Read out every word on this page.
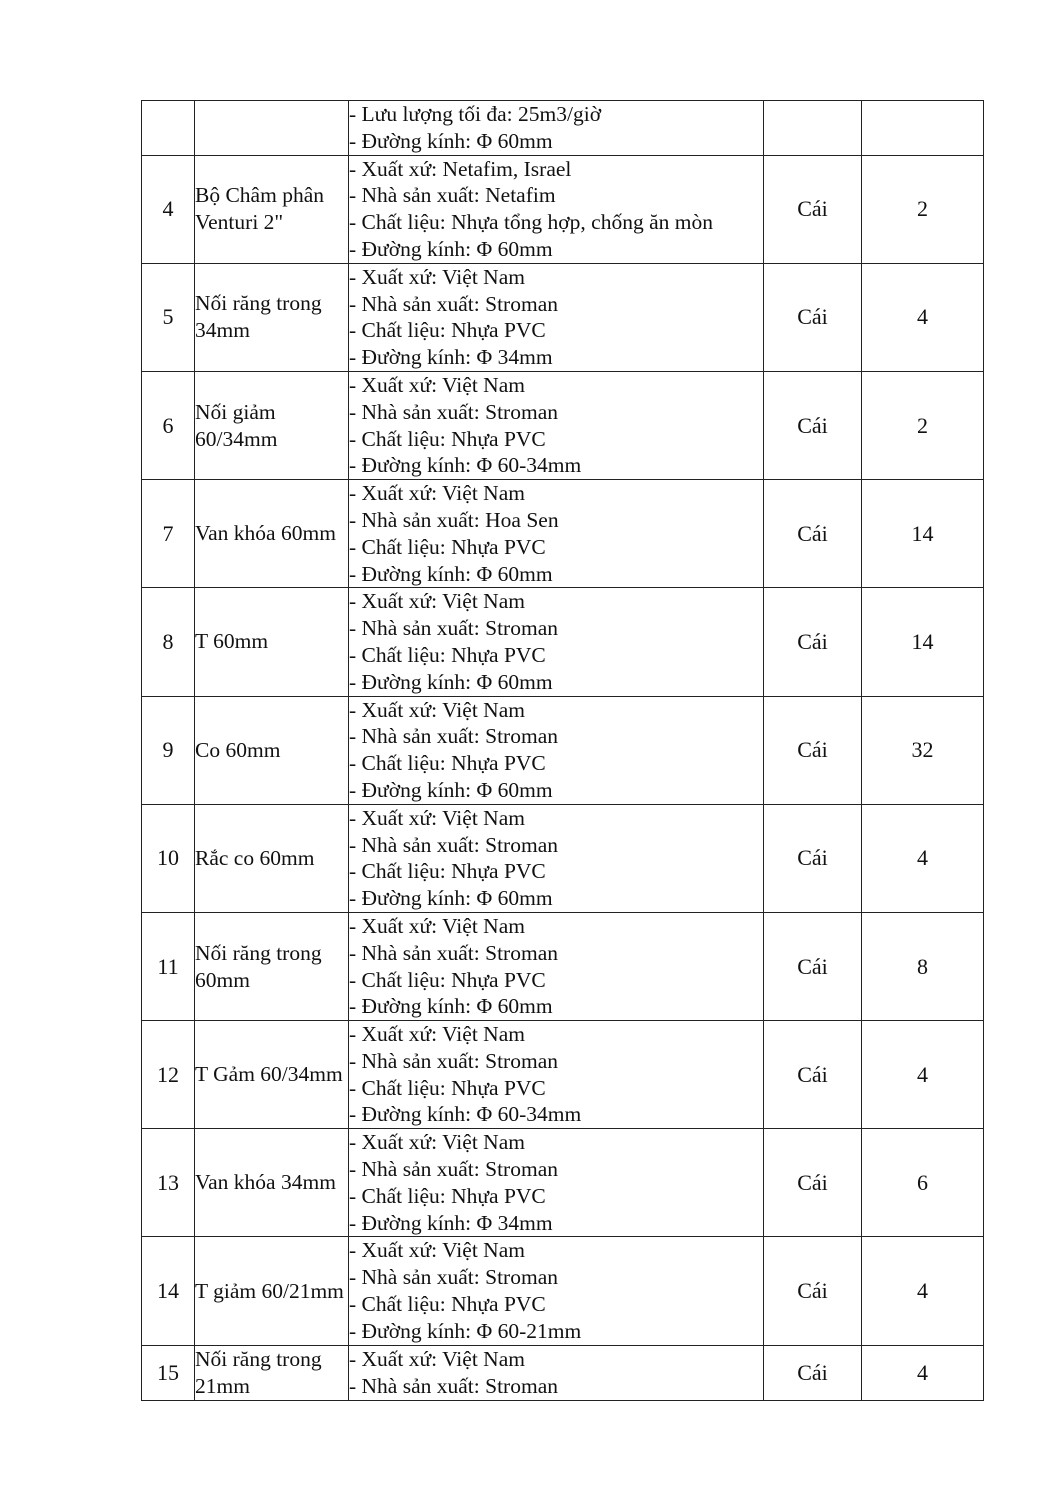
		- Lưu lượng tối đa: 25m3/giờ
- Đường kính: Φ 60mm		

4	Bộ Châm phân Venturi 2"	- Xuất xứ: Netafim, Israel
- Nhà sản xuất: Netafim
- Chất liệu: Nhựa tổng hợp, chống ăn mòn
- Đường kính: Φ 60mm	Cái	2
5	Nối răng trong 34mm	- Xuất xứ: Việt Nam
- Nhà sản xuất: Stroman
- Chất liệu: Nhựa PVC
- Đường kính: Φ 34mm	Cái	4
6	Nối giảm 60/34mm	- Xuất xứ: Việt Nam
- Nhà sản xuất: Stroman
- Chất liệu: Nhựa PVC
- Đường kính: Φ 60-34mm	Cái	2
7	Van khóa 60mm	- Xuất xứ: Việt Nam
- Nhà sản xuất: Hoa Sen
- Chất liệu: Nhựa PVC
- Đường kính: Φ 60mm	Cái	14
8	T 60mm	- Xuất xứ: Việt Nam
- Nhà sản xuất: Stroman
- Chất liệu: Nhựa PVC
- Đường kính: Φ 60mm	Cái	14
9	Co 60mm	- Xuất xứ: Việt Nam
- Nhà sản xuất: Stroman
- Chất liệu: Nhựa PVC
- Đường kính: Φ 60mm	Cái	32
10	Rắc co 60mm	- Xuất xứ: Việt Nam
- Nhà sản xuất: Stroman
- Chất liệu: Nhựa PVC
- Đường kính: Φ 60mm	Cái	4
11	Nối răng trong 60mm	- Xuất xứ: Việt Nam
- Nhà sản xuất: Stroman
- Chất liệu: Nhựa PVC
- Đường kính: Φ 60mm	Cái	8
12	T Gảm 60/34mm	- Xuất xứ: Việt Nam
- Nhà sản xuất: Stroman
- Chất liệu: Nhựa PVC
- Đường kính: Φ 60-34mm	Cái	4
13	Van khóa 34mm	- Xuất xứ: Việt Nam
- Nhà sản xuất: Stroman
- Chất liệu: Nhựa PVC
- Đường kính: Φ 34mm	Cái	6
14	T giảm 60/21mm	- Xuất xứ: Việt Nam
- Nhà sản xuất: Stroman
- Chất liệu: Nhựa PVC
- Đường kính: Φ 60-21mm	Cái	4
15	Nối răng trong 21mm	- Xuất xứ: Việt Nam
- Nhà sản xuất: Stroman	Cái	4
